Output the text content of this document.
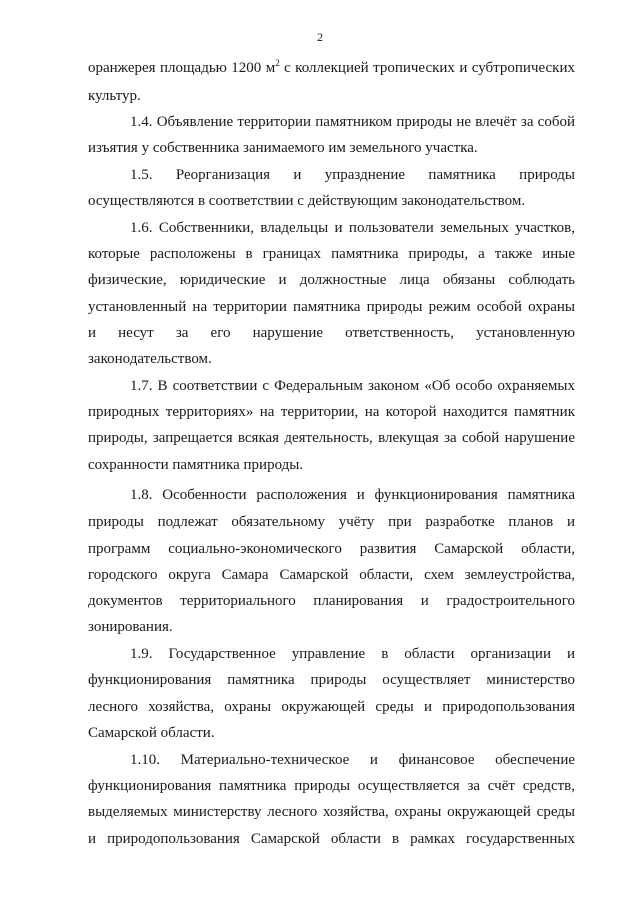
2
оранжерея площадью 1200 $м^2$ с коллекцией тропических и субтропических
культур.
1.4. Объявление территории памятником природы не влечёт за собой
изъятия у собственника занимаемого им земельного участка.
1.5. Реорганизация и упразднение памятника природы
осуществляются в соответствии с действующим законодательством.
1.6. Собственники, владельцы и пользователи земельных участков,
которые расположены в границах памятника природы, а также иные
физические, юридические и должностные лица обязаны соблюдать
установленный на территории памятника природы режим особой охраны
и несут за его нарушение ответственность, установленную
законодательством.
1.7. В соответствии с Федеральным законом «Об особо охраняемых
природных территориях» на территории, на которой находится памятник
природы, запрещается всякая деятельность, влекущая за собой нарушение
сохранности памятника природы.
1.8. Особенности расположения и функционирования памятника
природы подлежат обязательному учёту при разработке планов и
программ социально-экономического развития Самарской области,
городского округа Самара Самарской области, схем землеустройства,
документов территориального планирования и градостроительного
зонирования.
1.9. Государственное управление в области организации и
функционирования памятника природы осуществляет министерство
лесного хозяйства, охраны окружающей среды и природопользования
Самарской области.
1.10. Материально-техническое и финансовое обеспечение
функционирования памятника природы осуществляется за счёт средств,
выделяемых министерству лесного хозяйства, охраны окружающей среды
и природопользования Самарской области в рамках государственных
